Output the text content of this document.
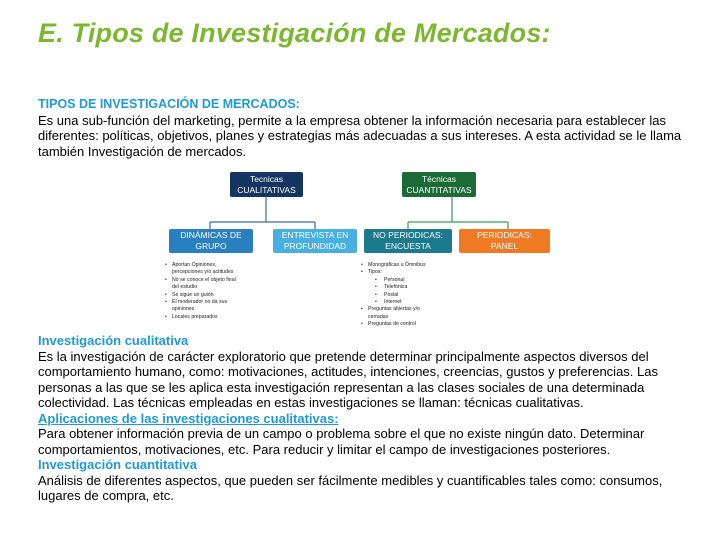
E. Tipos de Investigación de Mercados:
TIPOS DE INVESTIGACIÓN DE MERCADOS:
Es una sub-función del marketing, permite a la empresa obtener la información necesaria para establecer las diferentes: políticas, objetivos, planes y estrategias más adecuadas a sus intereses. A esta actividad se le llama también Investigación de mercados.
Tecnicas
CUALITATIVAS
Técnicas
CUANTITATIVAS
DINÁMICAS DE
GRUPO
ENTREVISTA EN
PROFUNDIDAD
NO PERIODICAS:
ENCUESTA
PERIODICAS:
PANEL
• Aportan Opiniones,
percepciones y/o actitudes
• No se conoce el objeto final
del estudio
• Se sigue un guión
• El moderador no da sus
opiniones
• Locales preparados
• Monográficas u Ómnibus
• Tipos:
• Personal
• Telefónica
• Postal
• Internet
• Preguntas abiertas y/o
cerradas
• Preguntas de control
Investigación cualitativa
Es la investigación de carácter exploratorio que pretende determinar principalmente aspectos diversos del comportamiento humano, como: motivaciones, actitudes, intenciones, creencias, gustos y preferencias. Las personas a las que se les aplica esta investigación representan a las clases sociales de una determinada colectividad. Las técnicas empleadas en estas investigaciones se llaman: técnicas cualitativas.
Aplicaciones de las investigaciones cualitativas:
Para obtener información previa de un campo o problema sobre el que no existe ningún dato. Determinar comportamientos, motivaciones, etc. Para reducir y limitar el campo de investigaciones posteriores.
Investigación cuantitativa
Análisis de diferentes aspectos, que pueden ser fácilmente medibles y cuantificables tales como: consumos, lugares de compra, etc.
